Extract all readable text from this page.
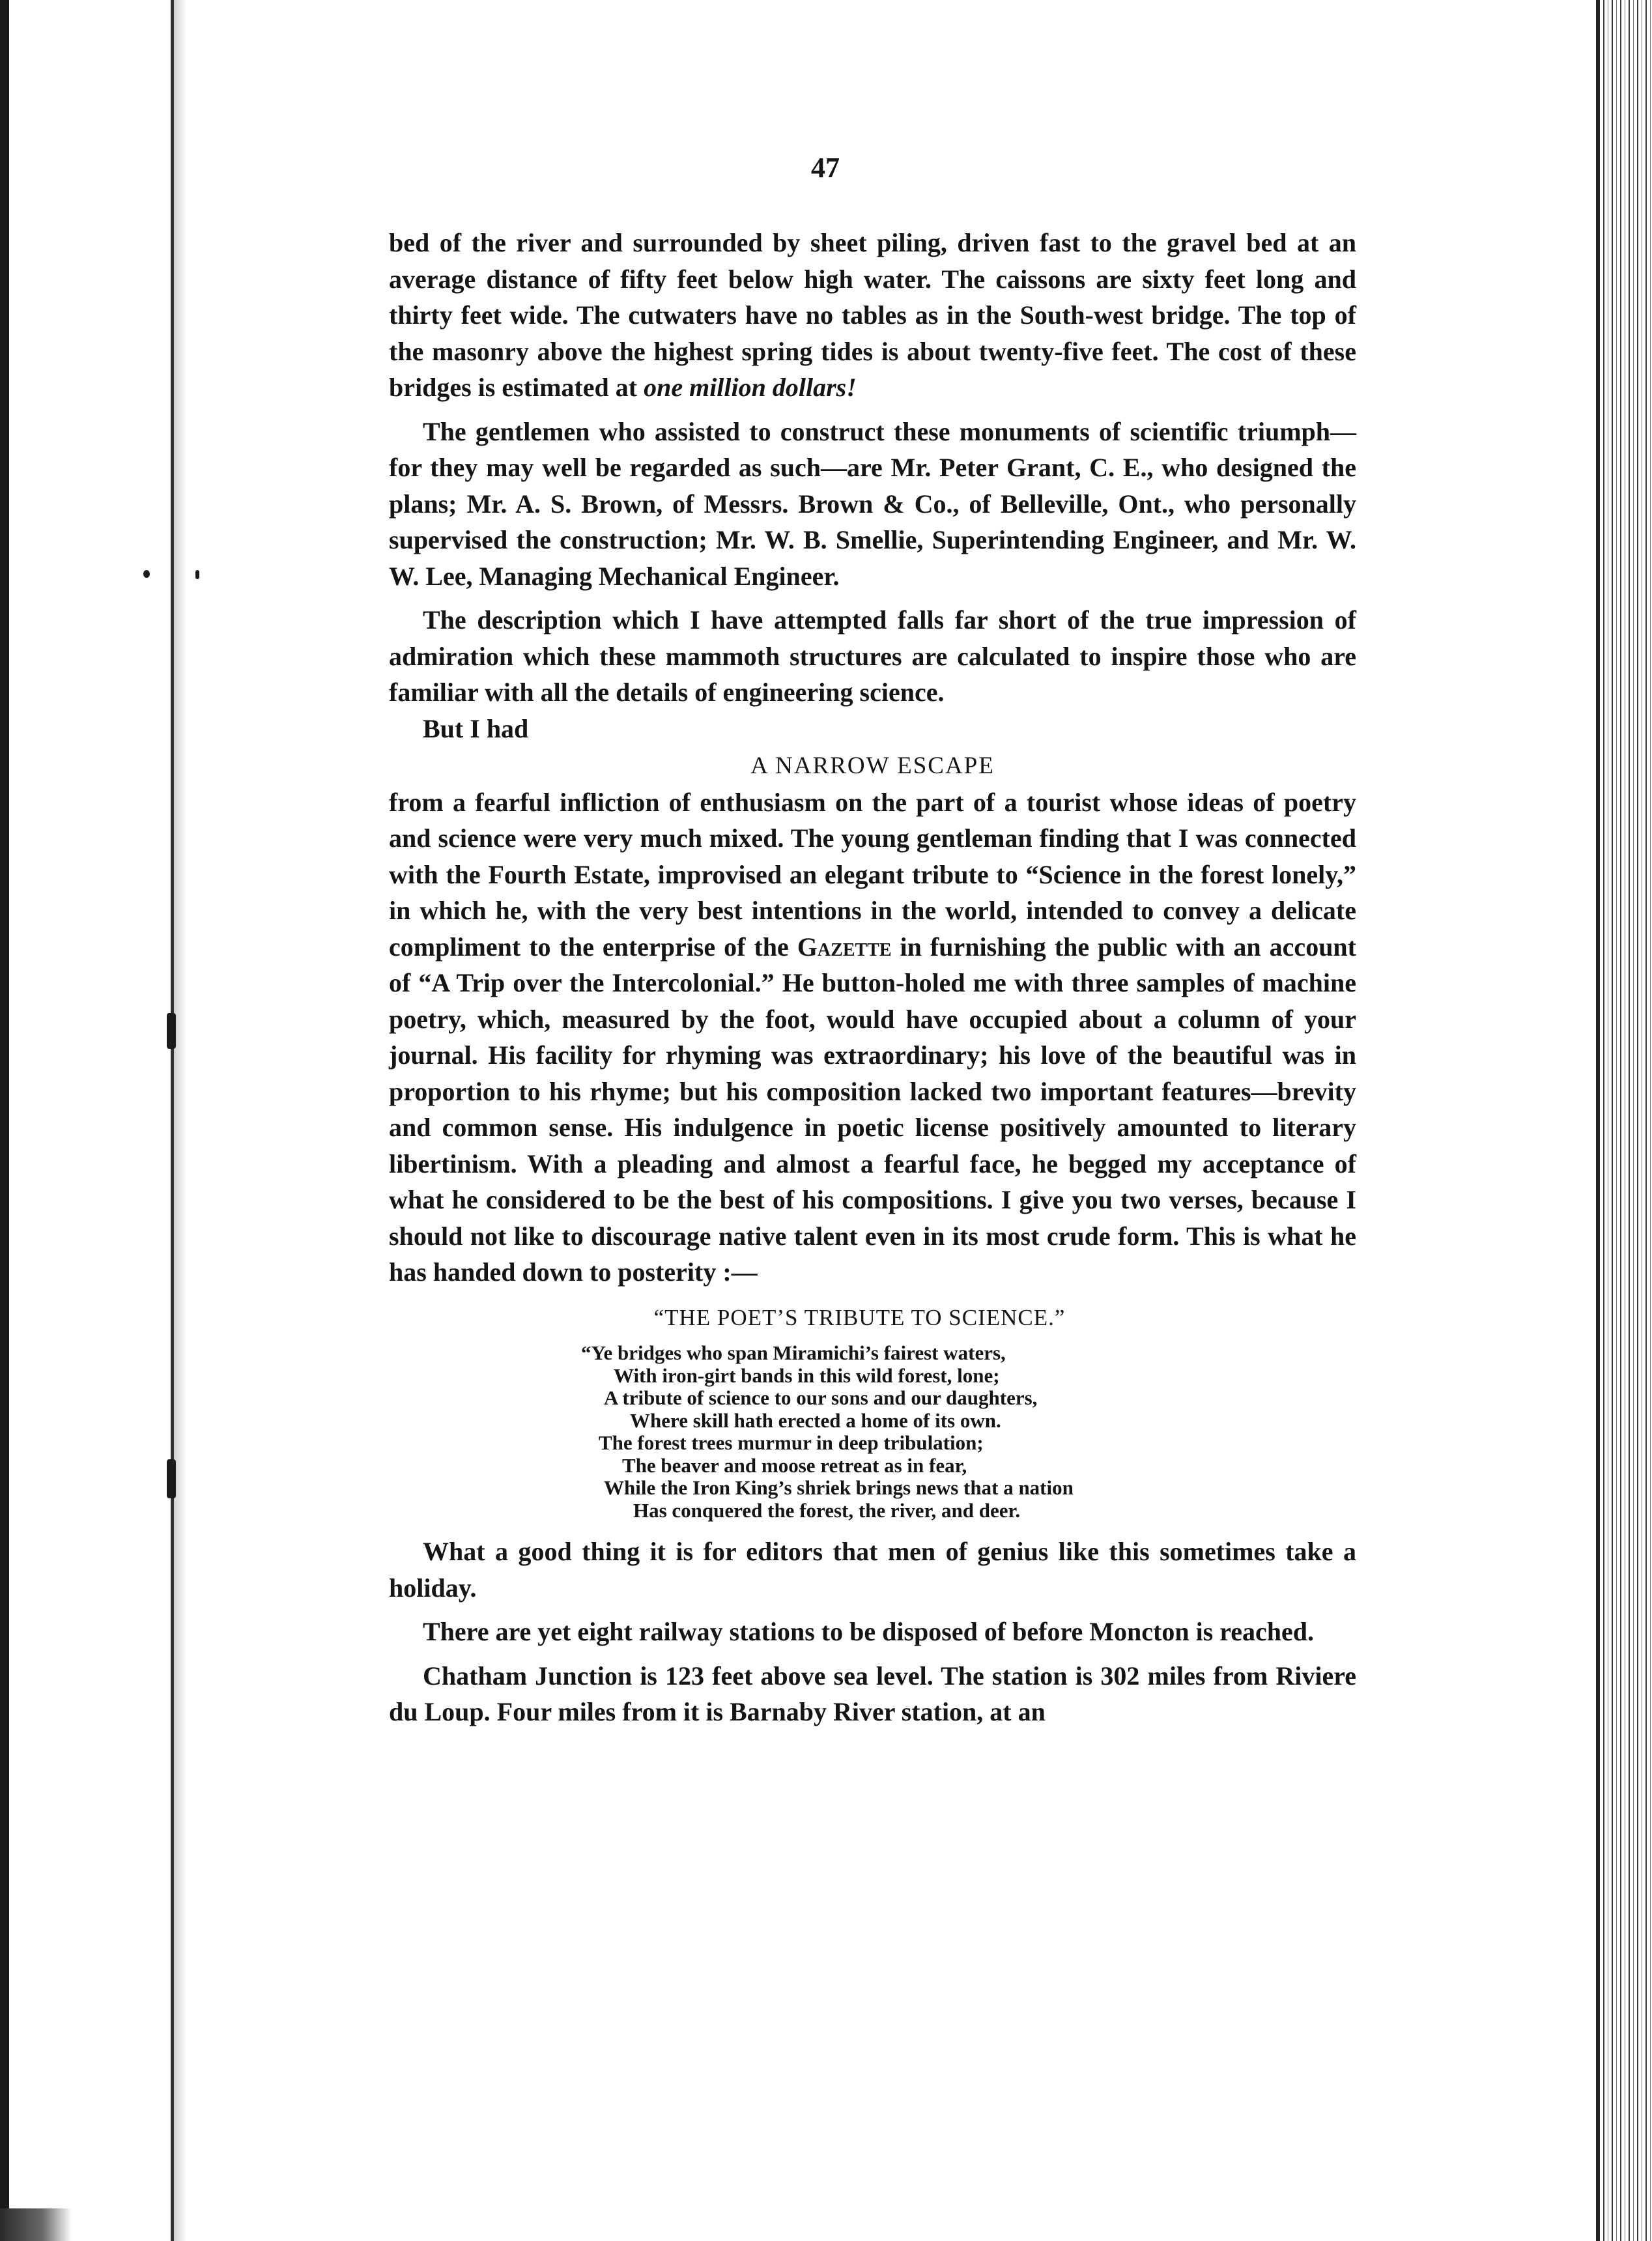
47

bed of the river and surrounded by sheet piling, driven fast to the gravel bed at an average distance of fifty feet below high water. The caissons are sixty feet long and thirty feet wide. The cutwaters have no tables as in the South-west bridge. The top of the masonry above the highest spring tides is about twenty-five feet. The cost of these bridges is estimated at one million dollars!

The gentlemen who assisted to construct these monuments of scientific triumph—for they may well be regarded as such—are Mr. Peter Grant, C. E., who designed the plans; Mr. A. S. Brown, of Messrs. Brown & Co., of Belleville, Ont., who personally supervised the construction; Mr. W. B. Smellie, Superintending Engineer, and Mr. W. W. Lee, Managing Mechanical Engineer.

The description which I have attempted falls far short of the true impression of admiration which these mammoth structures are calculated to inspire those who are familiar with all the details of engineering science.

But I had

A NARROW ESCAPE

from a fearful infliction of enthusiasm on the part of a tourist whose ideas of poetry and science were very much mixed. The young gentleman finding that I was connected with the Fourth Estate, improvised an elegant tribute to “Science in the forest lonely,” in which he, with the very best intentions in the world, intended to convey a delicate compliment to the enterprise of the Gazette in furnishing the public with an account of “A Trip over the Intercolonial.” He button-holed me with three samples of machine poetry, which, measured by the foot, would have occupied about a column of your journal. His facility for rhyming was extraordinary; his love of the beautiful was in proportion to his rhyme; but his composition lacked two important features—brevity and common sense. His indulgence in poetic license positively amounted to literary libertinism. With a pleading and almost a fearful face, he begged my acceptance of what he considered to be the best of his compositions. I give you two verses, because I should not like to discourage native talent even in its most crude form. This is what he has handed down to posterity :—

“THE POET’S TRIBUTE TO SCIENCE.”

“Ye bridges who span Miramichi’s fairest waters,
With iron-girt bands in this wild forest, lone;
A tribute of science to our sons and our daughters,
Where skill hath erected a home of its own.
The forest trees murmur in deep tribulation;
The beaver and moose retreat as in fear,
While the Iron King’s shriek brings news that a nation
Has conquered the forest, the river, and deer.

What a good thing it is for editors that men of genius like this sometimes take a holiday.

There are yet eight railway stations to be disposed of before Moncton is reached.

Chatham Junction is 123 feet above sea level. The station is 302 miles from Riviere du Loup. Four miles from it is Barnaby River station, at an
